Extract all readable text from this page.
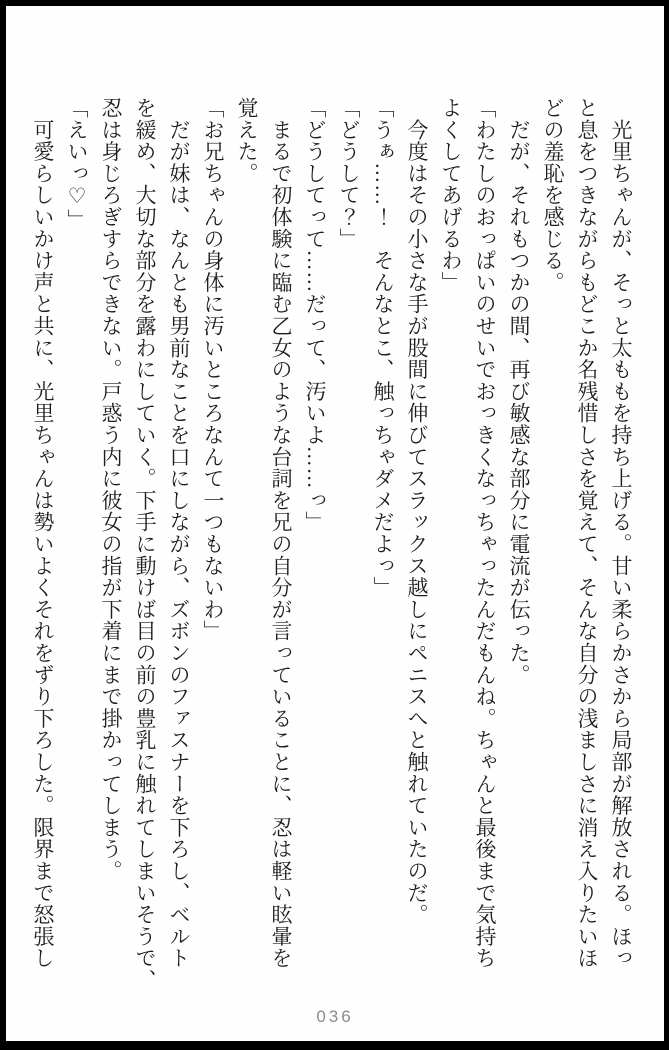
　光里ちゃんが、そっと太ももを持ち上げる。甘い柔らかさから局部が解放される。ほっ
と息をつきながらもどこか名残惜しさを覚えて、そんな自分の浅ましさに消え入りたいほ
どの羞恥を感じる。
　だが、それもつかの間、再び敏感な部分に電流が伝った。
「わたしのおっぱいのせいでおっきくなっちゃったんだもんね。ちゃんと最後まで気持ち
よくしてあげるわ」
　今度はその小さな手が股間に伸びてスラックス越しにペニスへと触れていたのだ。
「うぁ……！　そんなとこ、触っちゃダメだよっ」
「どうして？」
「どうしてって……だって、汚いよ……っ」
　まるで初体験に臨む乙女のような台詞を兄の自分が言っていることに、忍は軽い眩暈を
覚えた。
「お兄ちゃんの身体に汚いところなんて一つもないわ」
　だが妹は、なんとも男前なことを口にしながら、ズボンのファスナーを下ろし、ベルト
を緩め、大切な部分を露わにしていく。下手に動けば目の前の豊乳に触れてしまいそうで、
忍は身じろぎすらできない。戸惑う内に彼女の指が下着にまで掛かってしまう。
「えいっ♡」
　可愛らしいかけ声と共に、光里ちゃんは勢いよくそれをずり下ろした。限界まで怒張し
036
